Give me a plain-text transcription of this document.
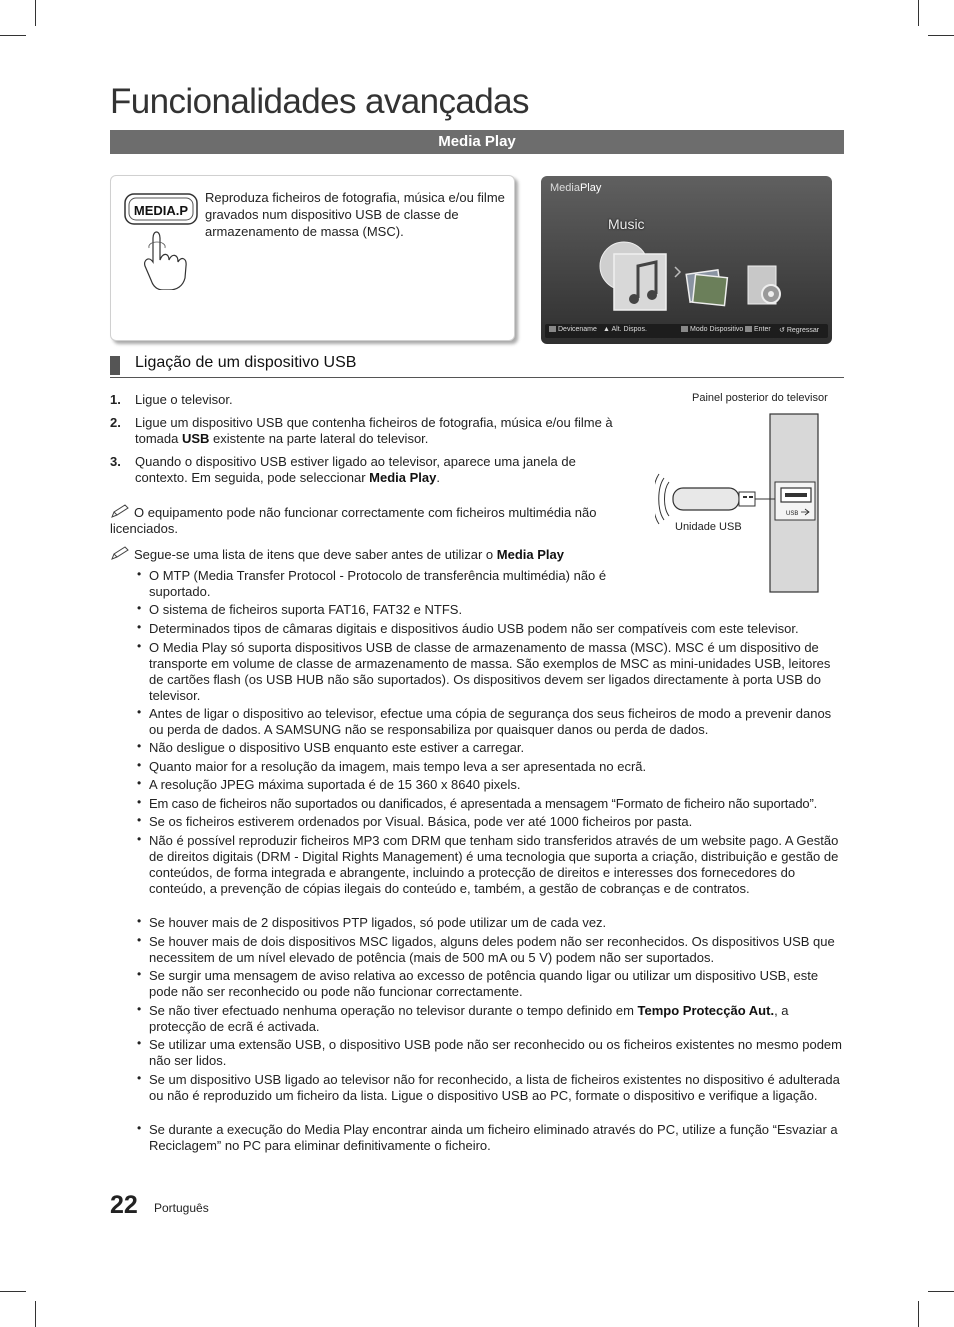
Funcionalidades avançadas
Media Play
MEDIA.P
Reproduza ficheiros de fotografia, música e/ou filme gravados num dispositivo USB de classe de armazenamento de massa (MSC).
MediaPlay
Music
Devicename ▲ Alt. Dispos.	Modo Dispositivo	Enter ↺ Regressar
Ligação de um dispositivo USB
1. Ligue o televisor.
2. Ligue um dispositivo USB que contenha ficheiros de fotografia, música e/ou filme à tomada USB existente na parte lateral do televisor.
3. Quando o dispositivo USB estiver ligado ao televisor, aparece uma janela de contexto. Em seguida, pode seleccionar Media Play.
O equipamento pode não funcionar correctamente com ficheiros multimédia não licenciados.
Segue-se uma lista de itens que deve saber antes de utilizar o Media Play
• O MTP (Media Transfer Protocol - Protocolo de transferência multimédia) não é suportado.
• O sistema de ficheiros suporta FAT16, FAT32 e NTFS.
• Determinados tipos de câmaras digitais e dispositivos áudio USB podem não ser compatíveis com este televisor.
• O Media Play só suporta dispositivos USB de classe de armazenamento de massa (MSC). MSC é um dispositivo de transporte em volume de classe de armazenamento de massa. São exemplos de MSC as mini-unidades USB, leitores de cartões flash (os USB HUB não são suportados). Os dispositivos devem ser ligados directamente à porta USB do televisor.
• Antes de ligar o dispositivo ao televisor, efectue uma cópia de segurança dos seus ficheiros de modo a prevenir danos ou perda de dados. A SAMSUNG não se responsabiliza por quaisquer danos ou perda de dados.
• Não desligue o dispositivo USB enquanto este estiver a carregar.
• Quanto maior for a resolução da imagem, mais tempo leva a ser apresentada no ecrã.
• A resolução JPEG máxima suportada é de 15 360 x 8640 pixels.
• Em caso de ficheiros não suportados ou danificados, é apresentada a mensagem “Formato de ficheiro não suportado”.
• Se os ficheiros estiverem ordenados por Visual. Básica, pode ver até 1000 ficheiros por pasta.
• Não é possível reproduzir ficheiros MP3 com DRM que tenham sido transferidos através de um website pago. A Gestão de direitos digitais (DRM - Digital Rights Management) é uma tecnologia que suporta a criação, distribuição e gestão de conteúdos, de forma integrada e abrangente, incluindo a protecção de direitos e interesses dos fornecedores do conteúdo, a prevenção de cópias ilegais do conteúdo e, também, a gestão de cobranças e de contratos.
• Se houver mais de 2 dispositivos PTP ligados, só pode utilizar um de cada vez.
• Se houver mais de dois dispositivos MSC ligados, alguns deles podem não ser reconhecidos. Os dispositivos USB que necessitem de um nível elevado de potência (mais de 500 mA ou 5 V) podem não ser suportados.
• Se surgir uma mensagem de aviso relativa ao excesso de potência quando ligar ou utilizar um dispositivo USB, este pode não ser reconhecido ou pode não funcionar correctamente.
• Se não tiver efectuado nenhuma operação no televisor durante o tempo definido em Tempo Protecção Aut., a protecção de ecrã é activada.
• Se utilizar uma extensão USB, o dispositivo USB pode não ser reconhecido ou os ficheiros existentes no mesmo podem não ser lidos.
• Se um dispositivo USB ligado ao televisor não for reconhecido, a lista de ficheiros existentes no dispositivo é adulterada ou não é reproduzido um ficheiro da lista. Ligue o dispositivo USB ao PC, formate o dispositivo e verifique a ligação.
• Se durante a execução do Media Play encontrar ainda um ficheiro eliminado através do PC, utilize a função “Esvaziar a Reciclagem” no PC para eliminar definitivamente o ficheiro.
Painel posterior do televisor
USB
Unidade USB
22 Português
